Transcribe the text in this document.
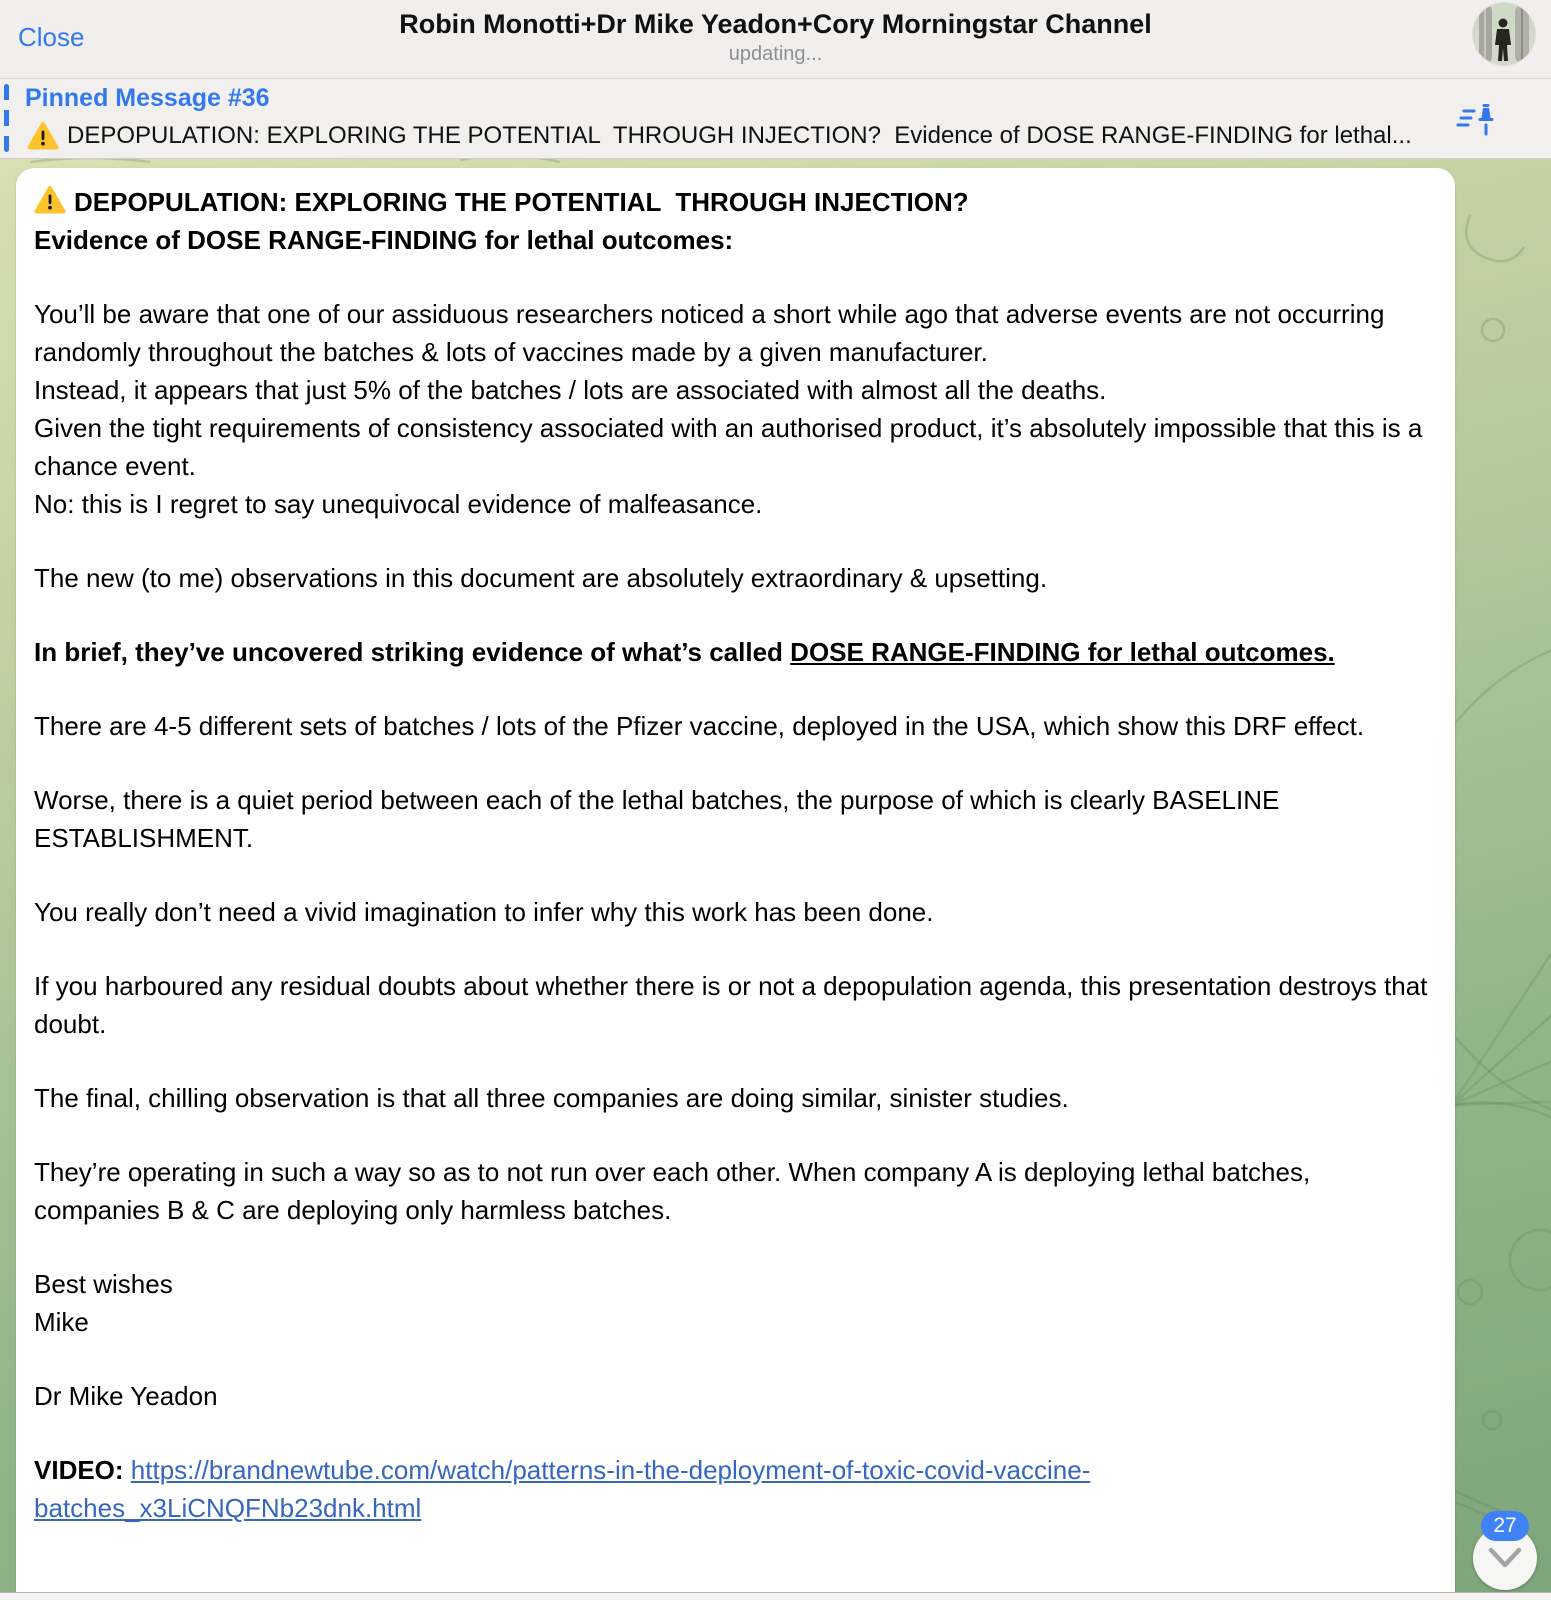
DEPOPULATION: EXPLORING THE POTENTIAL  THROUGH INJECTION?
Evidence of DOSE RANGE-FINDING for lethal outcomes:
You’ll be aware that one of our assiduous researchers noticed a short while ago that adverse events are not occurring randomly throughout the batches & lots of vaccines made by a given manufacturer.
Instead, it appears that just 5% of the batches / lots are associated with almost all the deaths.
Given the tight requirements of consistency associated with an authorised product, it’s absolutely impossible that this is a chance event.
No: this is I regret to say unequivocal evidence of malfeasance.
The new (to me) observations in this document are absolutely extraordinary & upsetting.
In brief, they’ve uncovered striking evidence of what’s called DOSE RANGE-FINDING for lethal outcomes.
There are 4-5 different sets of batches / lots of the Pfizer vaccine, deployed in the USA, which show this DRF effect.
Worse, there is a quiet period between each of the lethal batches, the purpose of which is clearly BASELINE ESTABLISHMENT.
You really don’t need a vivid imagination to infer why this work has been done.
If you harboured any residual doubts about whether there is or not a depopulation agenda, this presentation destroys that doubt.
The final, chilling observation is that all three companies are doing similar, sinister studies.
They’re operating in such a way so as to not run over each other. When company A is deploying lethal batches, companies B & C are deploying only harmless batches.
Best wishes
Mike
Dr Mike Yeadon
VIDEO: https://brandnewtube.com/watch/patterns-in-the-deployment-of-toxic-covid-vaccine-batches_x3LiCNQFNb23dnk.html
27
Close	Robin Monotti+Dr Mike Yeadon+Cory Morningstar Channel
updating...
Pinned Message #36
DEPOPULATION: EXPLORING THE POTENTIAL  THROUGH INJECTION?  Evidence of DOSE RANGE-FINDING for lethal...
